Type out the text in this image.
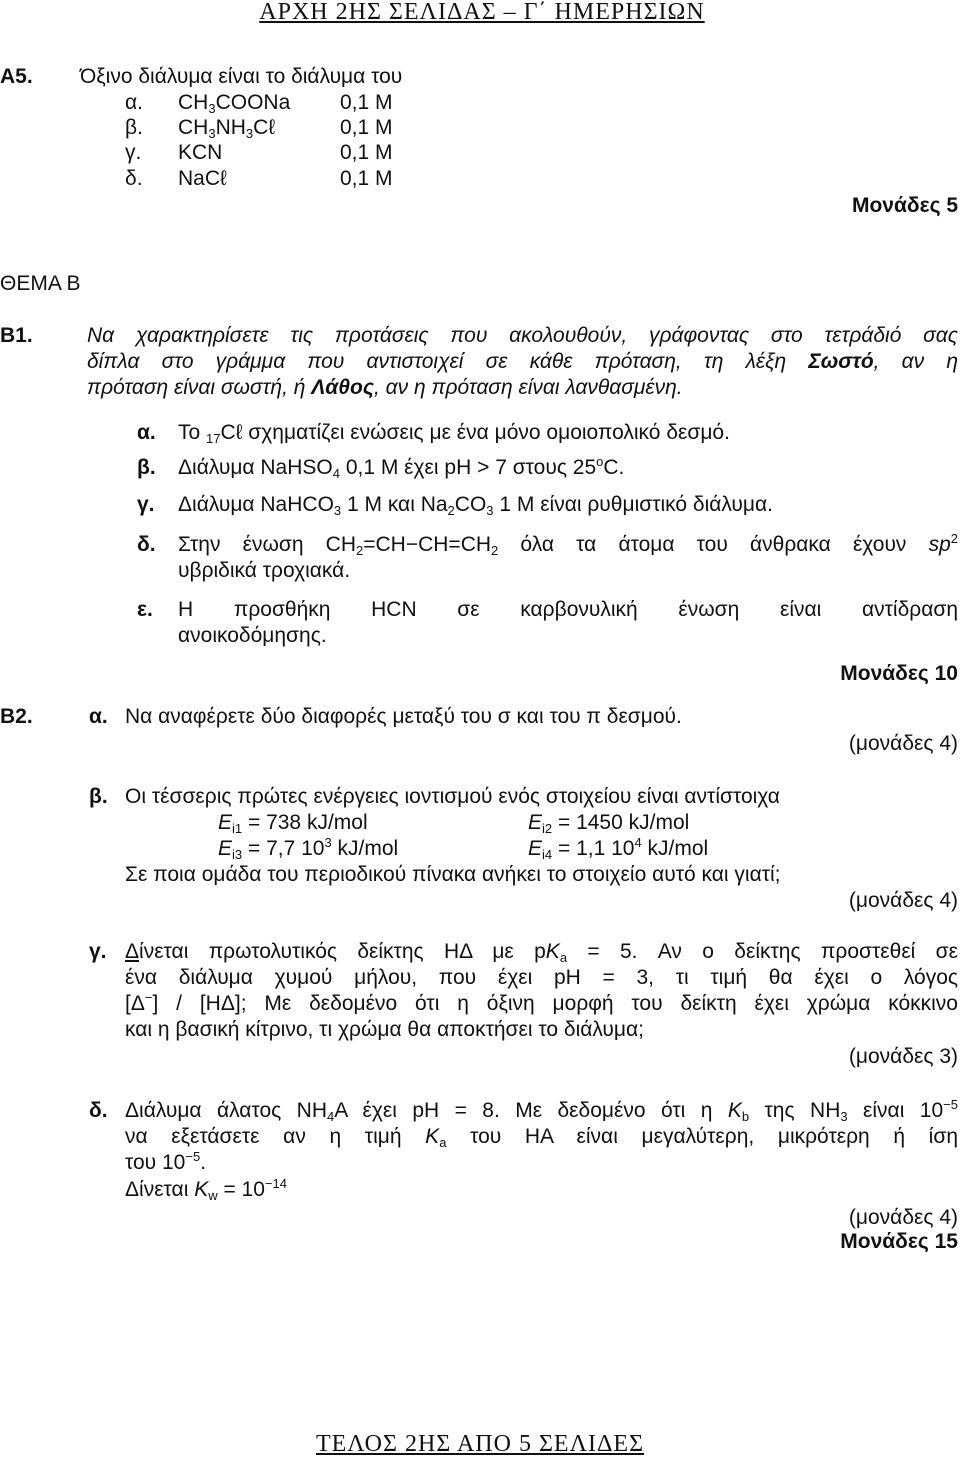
ΑΡΧΗ 2ΗΣ ΣΕΛΙΔΑΣ – Γ΄ ΗΜΕΡΗΣΙΩΝ
Α5. Όξινο διάλυμα είναι το διάλυμα του
α. $CH_3COONa$ 0,1 M
β. $CH_3NH_3C\ell$	0,1 M
γ. KCN	0,1 M
δ. NaCℓ	0,1 M
Μονάδες 5
ΘΕΜΑ Β
Β1.	Να χαρακτηρίσετε τις προτάσεις που ακολουθούν, γράφοντας στο τετράδιό σας
δίπλα στο γράμμα που αντιστοιχεί σε κάθε πρόταση, τη λέξη Σωστό, αν η
πρόταση είναι σωστή, ή Λάθος, αν η πρόταση είναι λανθασμένη.
α. Το $_{17}$Cℓ σχηματίζει ενώσεις με ένα μόνο ομοιοπολικό δεσμό.
β. Διάλυμα NaHSO$_4$ 0,1 M έχει pH > 7 στους 25$^o$C.
γ. Διάλυμα NaHCO$_3$ 1 M και $Na_2CO_3$ 1 M είναι ρυθμιστικό διάλυμα.
δ. Στην ένωση $CH_2=CH-CH=CH_2$ όλα τα άτομα του άνθρακα έχουν $sp^2$
υβριδικά τροχιακά.
ε. Η προσθήκη HCN σε καρβονυλική ένωση είναι αντίδραση
ανοικοδόμησης.
Μονάδες 10
Β2.	α. Να αναφέρετε δύο διαφορές μεταξύ του σ και του π δεσμού.
(μονάδες 4)
β. Οι τέσσερις πρώτες ενέργειες ιοντισμού ενός στοιχείου είναι αντίστοιχα
$E_{i1} = 738$ kJ/mol	$E_{i2} = 1450$ kJ/mol
$E_{i3} = 7,7$ $10^3$ kJ/mol	$E_{i4} = 1,1$ $10^4$ kJ/mol
Σε ποια ομάδα του περιοδικού πίνακα ανήκει το στοιχείο αυτό και γιατί;
(μονάδες 4)
γ. Δίνεται πρωτολυτικός δείκτης ΗΔ με $pK_a = 5$. Αν ο δείκτης προστεθεί σε
ένα διάλυμα χυμού μήλου, που έχει pH = 3, τι τιμή θα έχει ο λόγος
[Δ−] / [ΗΔ]; Με δεδομένο ότι η όξινη μορφή του δείκτη έχει χρώμα κόκκινο
και η βασική κίτρινο, τι χρώμα θα αποκτήσει το διάλυμα;
(μονάδες 3)
δ. Διάλυμα άλατος $NH_4A$ έχει pH = 8. Με δεδομένο ότι η $K_b$ της $NH_3$ είναι $10^{-5}$
να εξετάσετε αν η τιμή $K_a$ του HA είναι μεγαλύτερη, μικρότερη ή ίση
του $10^{-5}$.
Δίνεται $K_w = 10^{-14}$
(μονάδες 4)
Μονάδες 15
ΤΕΛΟΣ 2ΗΣ ΑΠΟ 5 ΣΕΛΙΔΕΣ
